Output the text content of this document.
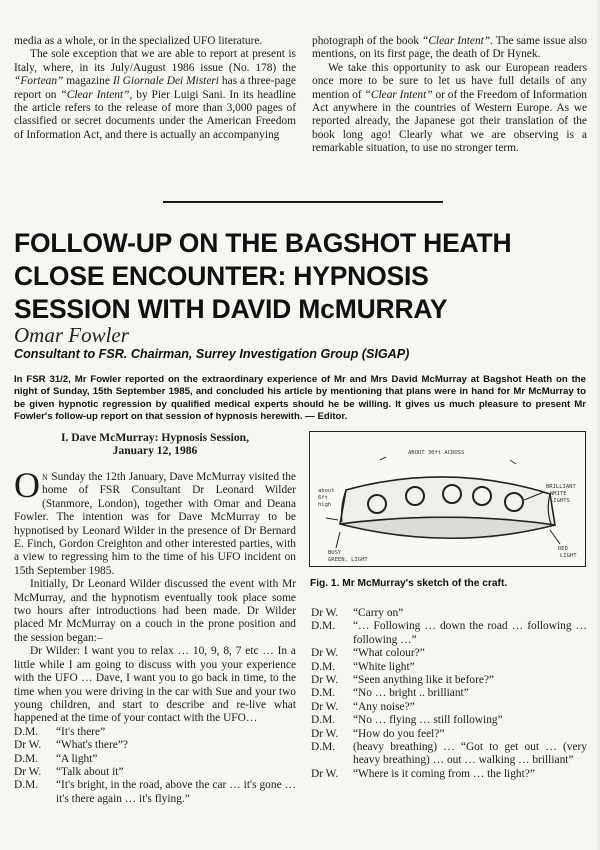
media as a whole, or in the specialized UFO literature.

The sole exception that we are able to report at present is Italy, where, in its July/August 1986 issue (No. 178) the “Fortean” magazine Il Giornale Dei Misteri has a three-page report on “Clear Intent”, by Pier Luigi Sani. In its headline the article refers to the release of more than 3,000 pages of classified or secret documents under the American Freedom of Information Act, and there is actually an accompanying

photograph of the book “Clear Intent”. The same issue also mentions, on its first page, the death of Dr Hynek.

We take this opportunity to ask our European readers once more to be sure to let us have full details of any mention of “Clear Intent” or of the Freedom of Information Act anywhere in the countries of Western Europe. As we reported already, the Japanese got their translation of the book long ago! Clearly what we are observing is a remarkable situation, to use no stronger term.

FOLLOW-UP ON THE BAGSHOT HEATH
CLOSE ENCOUNTER: HYPNOSIS
SESSION WITH DAVID McMURRAY
Omar Fowler
Consultant to FSR. Chairman, Surrey Investigation Group (SIGAP)
In FSR 31/2, Mr Fowler reported on the extraordinary experience of Mr and Mrs David McMurray at Bagshot Heath on the night of Sunday, 15th September 1985, and concluded his article by mentioning that plans were in hand for Mr McMurray to be given hypnotic regression by qualified medical experts should he be willing. It gives us much pleasure to present Mr Fowler's follow-up report on that session of hypnosis herewith. — Editor.
I. Dave McMurray: Hypnosis Session,
January 12, 1986

O N Sunday the 12th January, Dave McMurray visited the home of FSR Consultant Dr Leonard Wilder (Stanmore, London), together with Omar and Deana Fowler. The intention was for Dave McMurray to be hypnotised by Leonard Wilder in the presence of Dr Bernard E. Finch, Gordon Creighton and other interested parties, with a view to regressing him to the time of his UFO incident on 15th September 1985.

Initially, Dr Leonard Wilder discussed the event with Mr McMurray, and the hypnotism eventually took place some two hours after introductions had been made. Dr Wilder placed Mr McMurray on a couch in the prone position and the session began:–

Dr Wilder: I want you to relax … 10, 9, 8, 7 etc … In a little while I am going to discuss with you your experience with the UFO … Dave, I want you to go back in time, to the time when you were driving in the car with Sue and your two young children, and start to describe and re-live what happened at the time of your contact with the UFO…

D.M.	“It's there”
Dr W.	“What's there”?
D.M.	“A light”
Dr W.	“Talk about it”
D.M.	“It's bright, in the road, above the car … it's gone … it's there again … it's flying.”
ABOUT 30ft ACROSS
about
6ft
high
BRILLIANT
WHITE
LIGHTS
BUSY
GREEN, LIGHT
RED
LIGHT
Fig. 1. Mr McMurray's sketch of the craft.
Dr W.	“Carry on”
D.M.	“… Following … down the road … following … following …”
Dr W.	“What colour?”
D.M.	“White light”
Dr W.	“Seen anything like it before?”
D.M.	“No … bright .. brilliant”
Dr W.	“Any noise?”
D.M.	“No … flying … still following”
Dr W.	“How do you feel?”
D.M.	(heavy breathing) … “Got to get out … (very heavy breathing) … out … walking … brilliant”
Dr W.	“Where is it coming from … the light?”
